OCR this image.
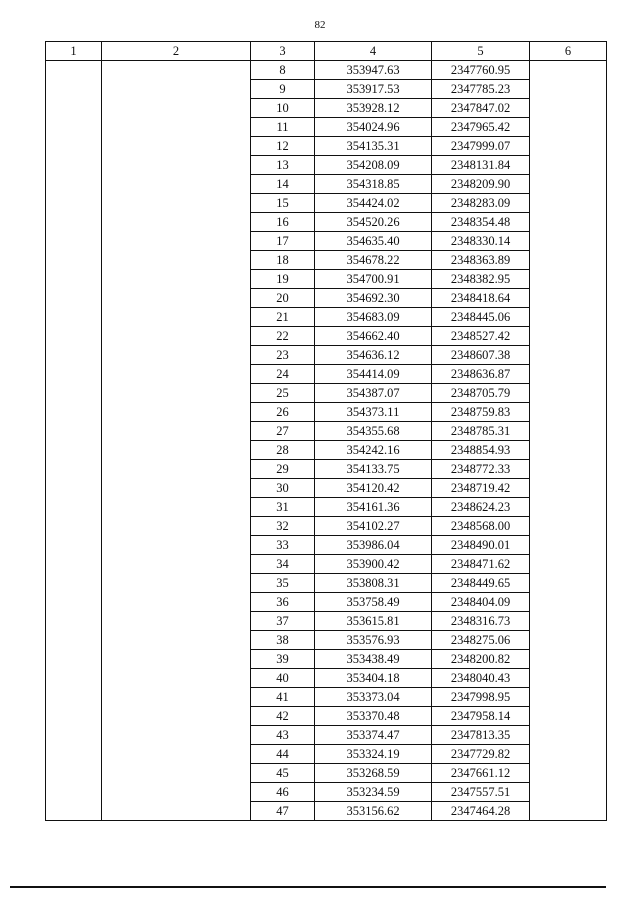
82
1	2	3	4	5	6
		8	353947.63	2347760.95	
		9	353917.53	2347785.23	
		10	353928.12	2347847.02	
		11	354024.96	2347965.42	
		12	354135.31	2347999.07	
		13	354208.09	2348131.84	
		14	354318.85	2348209.90	
		15	354424.02	2348283.09	
		16	354520.26	2348354.48	
		17	354635.40	2348330.14	
		18	354678.22	2348363.89	
		19	354700.91	2348382.95	
		20	354692.30	2348418.64	
		21	354683.09	2348445.06	
		22	354662.40	2348527.42	
		23	354636.12	2348607.38	
		24	354414.09	2348636.87	
		25	354387.07	2348705.79	
		26	354373.11	2348759.83	
		27	354355.68	2348785.31	
		28	354242.16	2348854.93	
		29	354133.75	2348772.33	
		30	354120.42	2348719.42	
		31	354161.36	2348624.23	
		32	354102.27	2348568.00	
		33	353986.04	2348490.01	
		34	353900.42	2348471.62	
		35	353808.31	2348449.65	
		36	353758.49	2348404.09	
		37	353615.81	2348316.73	
		38	353576.93	2348275.06	
		39	353438.49	2348200.82	
		40	353404.18	2348040.43	
		41	353373.04	2347998.95	
		42	353370.48	2347958.14	
		43	353374.47	2347813.35	
		44	353324.19	2347729.82	
		45	353268.59	2347661.12	
		46	353234.59	2347557.51	
		47	353156.62	2347464.28	
